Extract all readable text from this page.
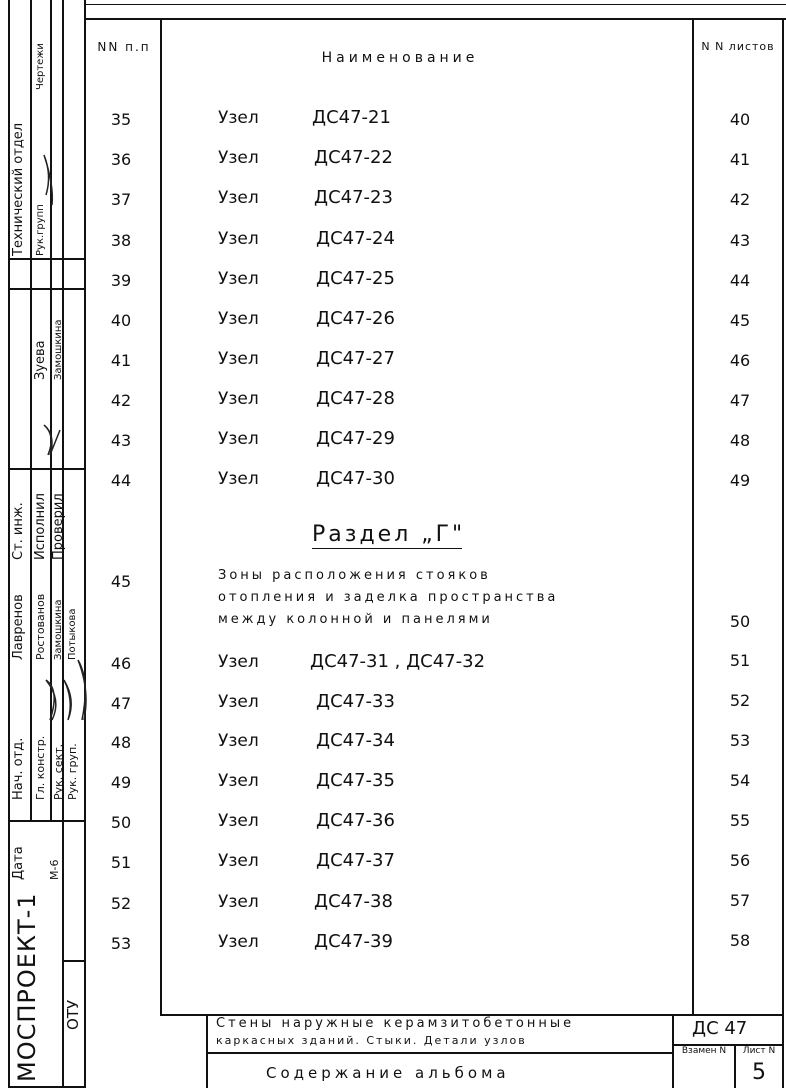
Технический отдел Рук.групп
Чертежи
Зуева Замошкина
Ст. инж. Исполнил Проверил
Лавренов Ростованов Замошкина Потыкова
Нач. отд. Гл. констр. Рук. сект. Рук. груп.
Дата М-6
МОСПРОЕКТ-1 ОТУ
NN п.п
Наименование
N N листов
35	Узел	ДС47-21	40
36	Узел	ДС47-22	41
37	Узел	ДС47-23	42
38	Узел	ДС47-24	43
39	Узел	ДС47-25	44
40	Узел	ДС47-26	45
41	Узел	ДС47-27	46
42	Узел	ДС47-28	47
43	Узел	ДС47-29	48
44	Узел	ДС47-30	49
Раздел „Г"
45	Зоны расположения стояков
отопления и заделка пространства
между колонной и панелями	50
46	Узел	ДС47-31 , ДС47-32	51
47	Узел	ДС47-33	52
48	Узел	ДС47-34	53
49	Узел	ДС47-35	54
50	Узел	ДС47-36	55
51	Узел	ДС47-37	56
52	Узел	ДС47-38	57
53	Узел	ДС47-39	58
Стены наружные керамзитобетонные
каркасных зданий. Стыки. Детали узлов
Содержание альбома
ДС 47
Взамен N	Лист N
5
